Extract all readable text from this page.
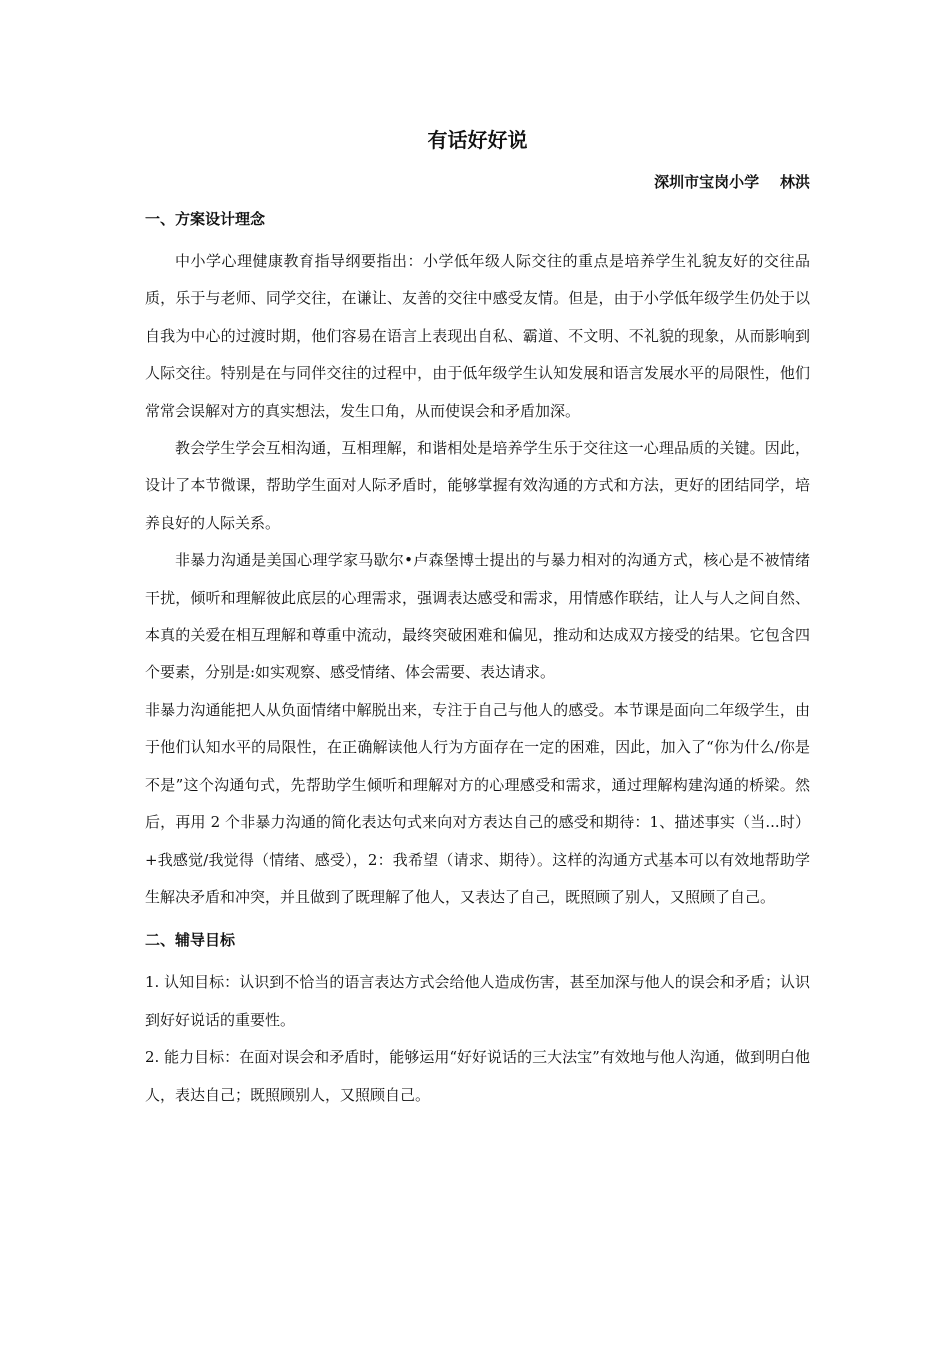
有话好好说
深圳市宝岗小学    林洪
一、方案设计理念

中小学心理健康教育指导纲要指出：小学低年级人际交往的重点是培养学生礼貌友好的交往品质，乐于与老师、同学交往，在谦让、友善的交往中感受友情。但是，由于小学低年级学生仍处于以自我为中心的过渡时期，他们容易在语言上表现出自私、霸道、不文明、不礼貌的现象，从而影响到人际交往。特别是在与同伴交往的过程中，由于低年级学生认知发展和语言发展水平的局限性，他们常常会误解对方的真实想法，发生口角，从而使误会和矛盾加深。

教会学生学会互相沟通，互相理解，和谐相处是培养学生乐于交往这一心理品质的关键。因此，设计了本节微课，帮助学生面对人际矛盾时，能够掌握有效沟通的方式和方法，更好的团结同学，培养良好的人际关系。

非暴力沟通是美国心理学家马歇尔•卢森堡博士提出的与暴力相对的沟通方式，核心是不被情绪干扰，倾听和理解彼此底层的心理需求，强调表达感受和需求，用情感作联结，让人与人之间自然、本真的关爱在相互理解和尊重中流动，最终突破困难和偏见，推动和达成双方接受的结果。它包含四个要素，分别是:如实观察、感受情绪、体会需要、表达请求。

非暴力沟通能把人从负面情绪中解脱出来，专注于自己与他人的感受。本节课是面向二年级学生，由于他们认知水平的局限性，在正确解读他人行为方面存在一定的困难，因此，加入了“你为什么/你是不是”这个沟通句式，先帮助学生倾听和理解对方的心理感受和需求，通过理解构建沟通的桥梁。然后，再用 2 个非暴力沟通的简化表达句式来向对方表达自己的感受和期待：1、描述事实（当...时）+我感觉/我觉得（情绪、感受），2：我希望（请求、期待）。这样的沟通方式基本可以有效地帮助学生解决矛盾和冲突，并且做到了既理解了他人，又表达了自己，既照顾了别人，又照顾了自己。

二、辅导目标

1. 认知目标：认识到不恰当的语言表达方式会给他人造成伤害，甚至加深与他人的误会和矛盾；认识到好好说话的重要性。

2. 能力目标：在面对误会和矛盾时，能够运用“好好说话的三大法宝”有效地与他人沟通，做到明白他人，表达自己；既照顾别人，又照顾自己。
